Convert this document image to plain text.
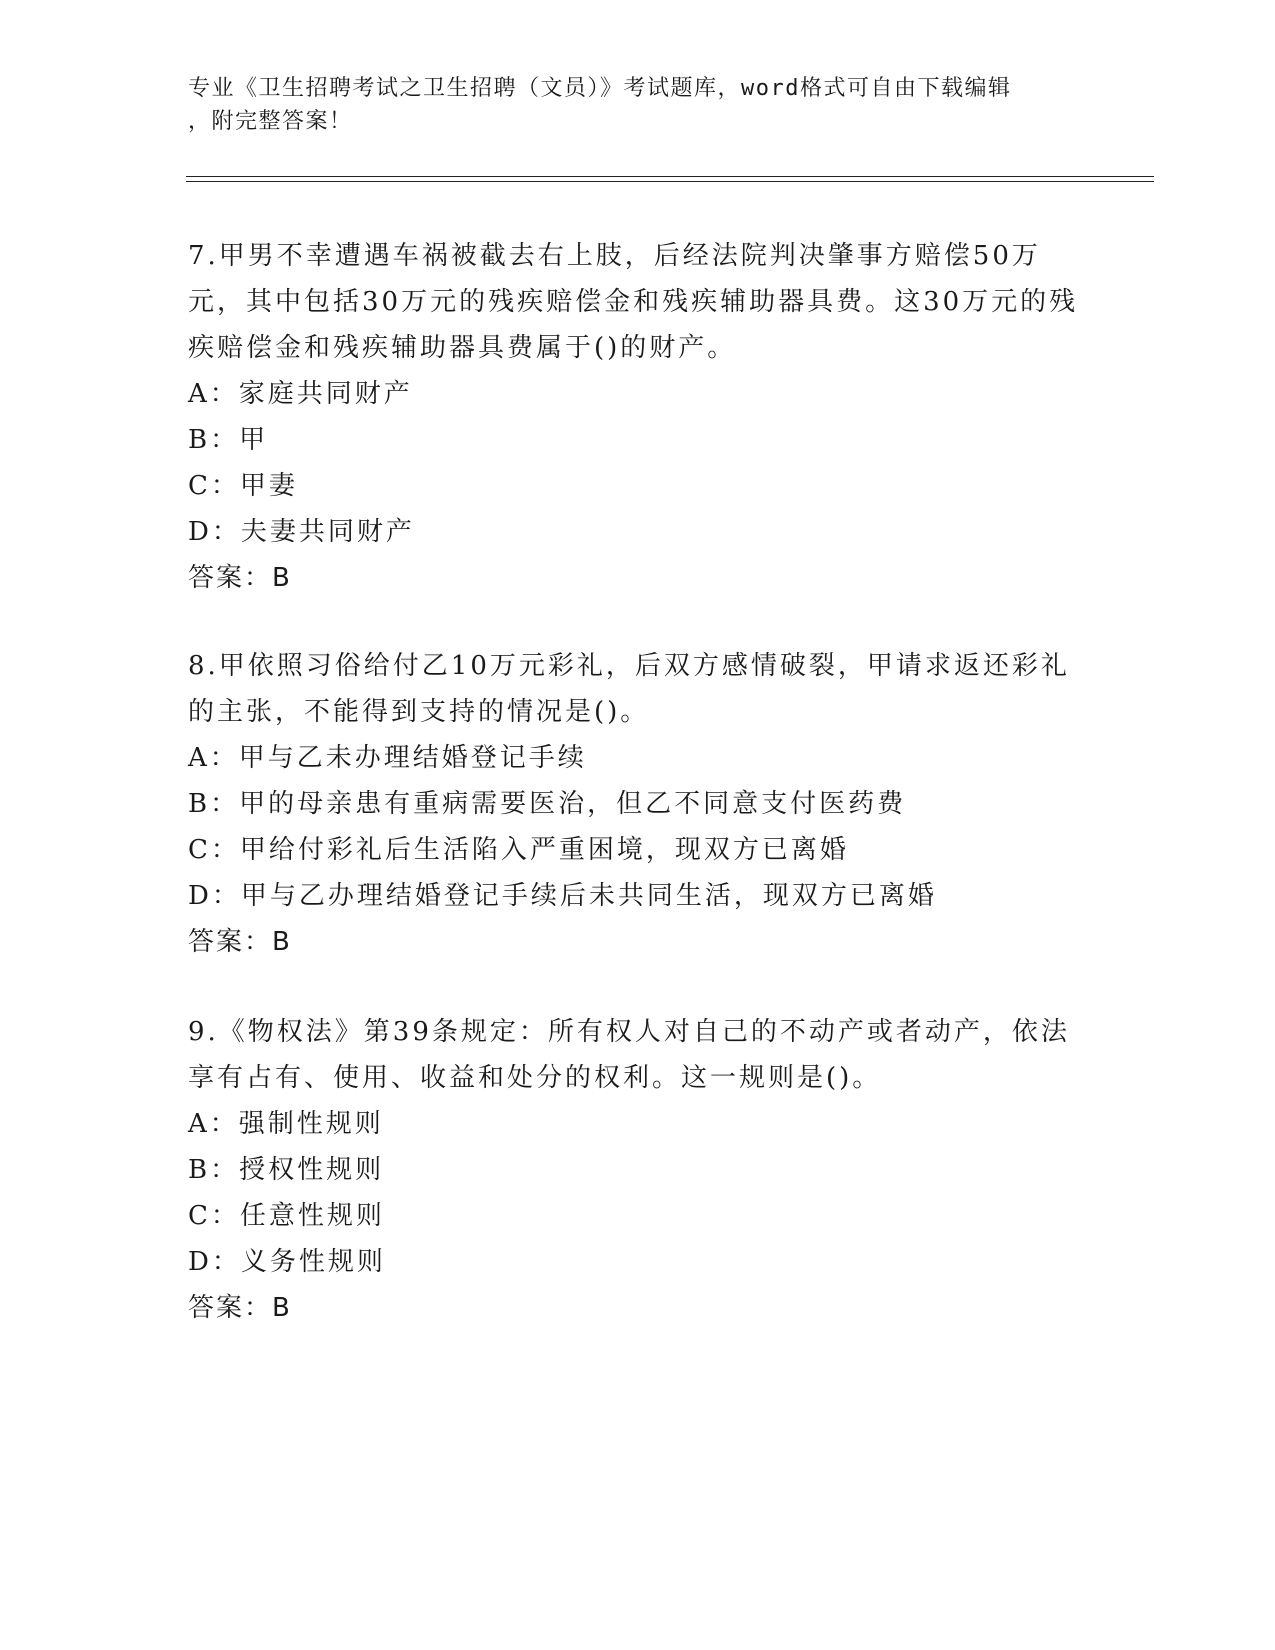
专业《卫生招聘考试之卫生招聘（文员）》考试题库，word格式可自由下载编辑
，附完整答案！
7.甲男不幸遭遇车祸被截去右上肢，后经法院判决肇事方赔偿50万元，其中包括30万元的残疾赔偿金和残疾辅助器具费。这30万元的残疾赔偿金和残疾辅助器具费属于()的财产。
A：家庭共同财产
B：甲
C：甲妻
D：夫妻共同财产
答案：B
8.甲依照习俗给付乙10万元彩礼，后双方感情破裂，甲请求返还彩礼的主张，不能得到支持的情况是()。
A：甲与乙未办理结婚登记手续
B：甲的母亲患有重病需要医治，但乙不同意支付医药费
C：甲给付彩礼后生活陷入严重困境，现双方已离婚
D：甲与乙办理结婚登记手续后未共同生活，现双方已离婚
答案：B
9.《物权法》第39条规定：所有权人对自己的不动产或者动产，依法享有占有、使用、收益和处分的权利。这一规则是()。
A：强制性规则
B：授权性规则
C：任意性规则
D：义务性规则
答案：B
